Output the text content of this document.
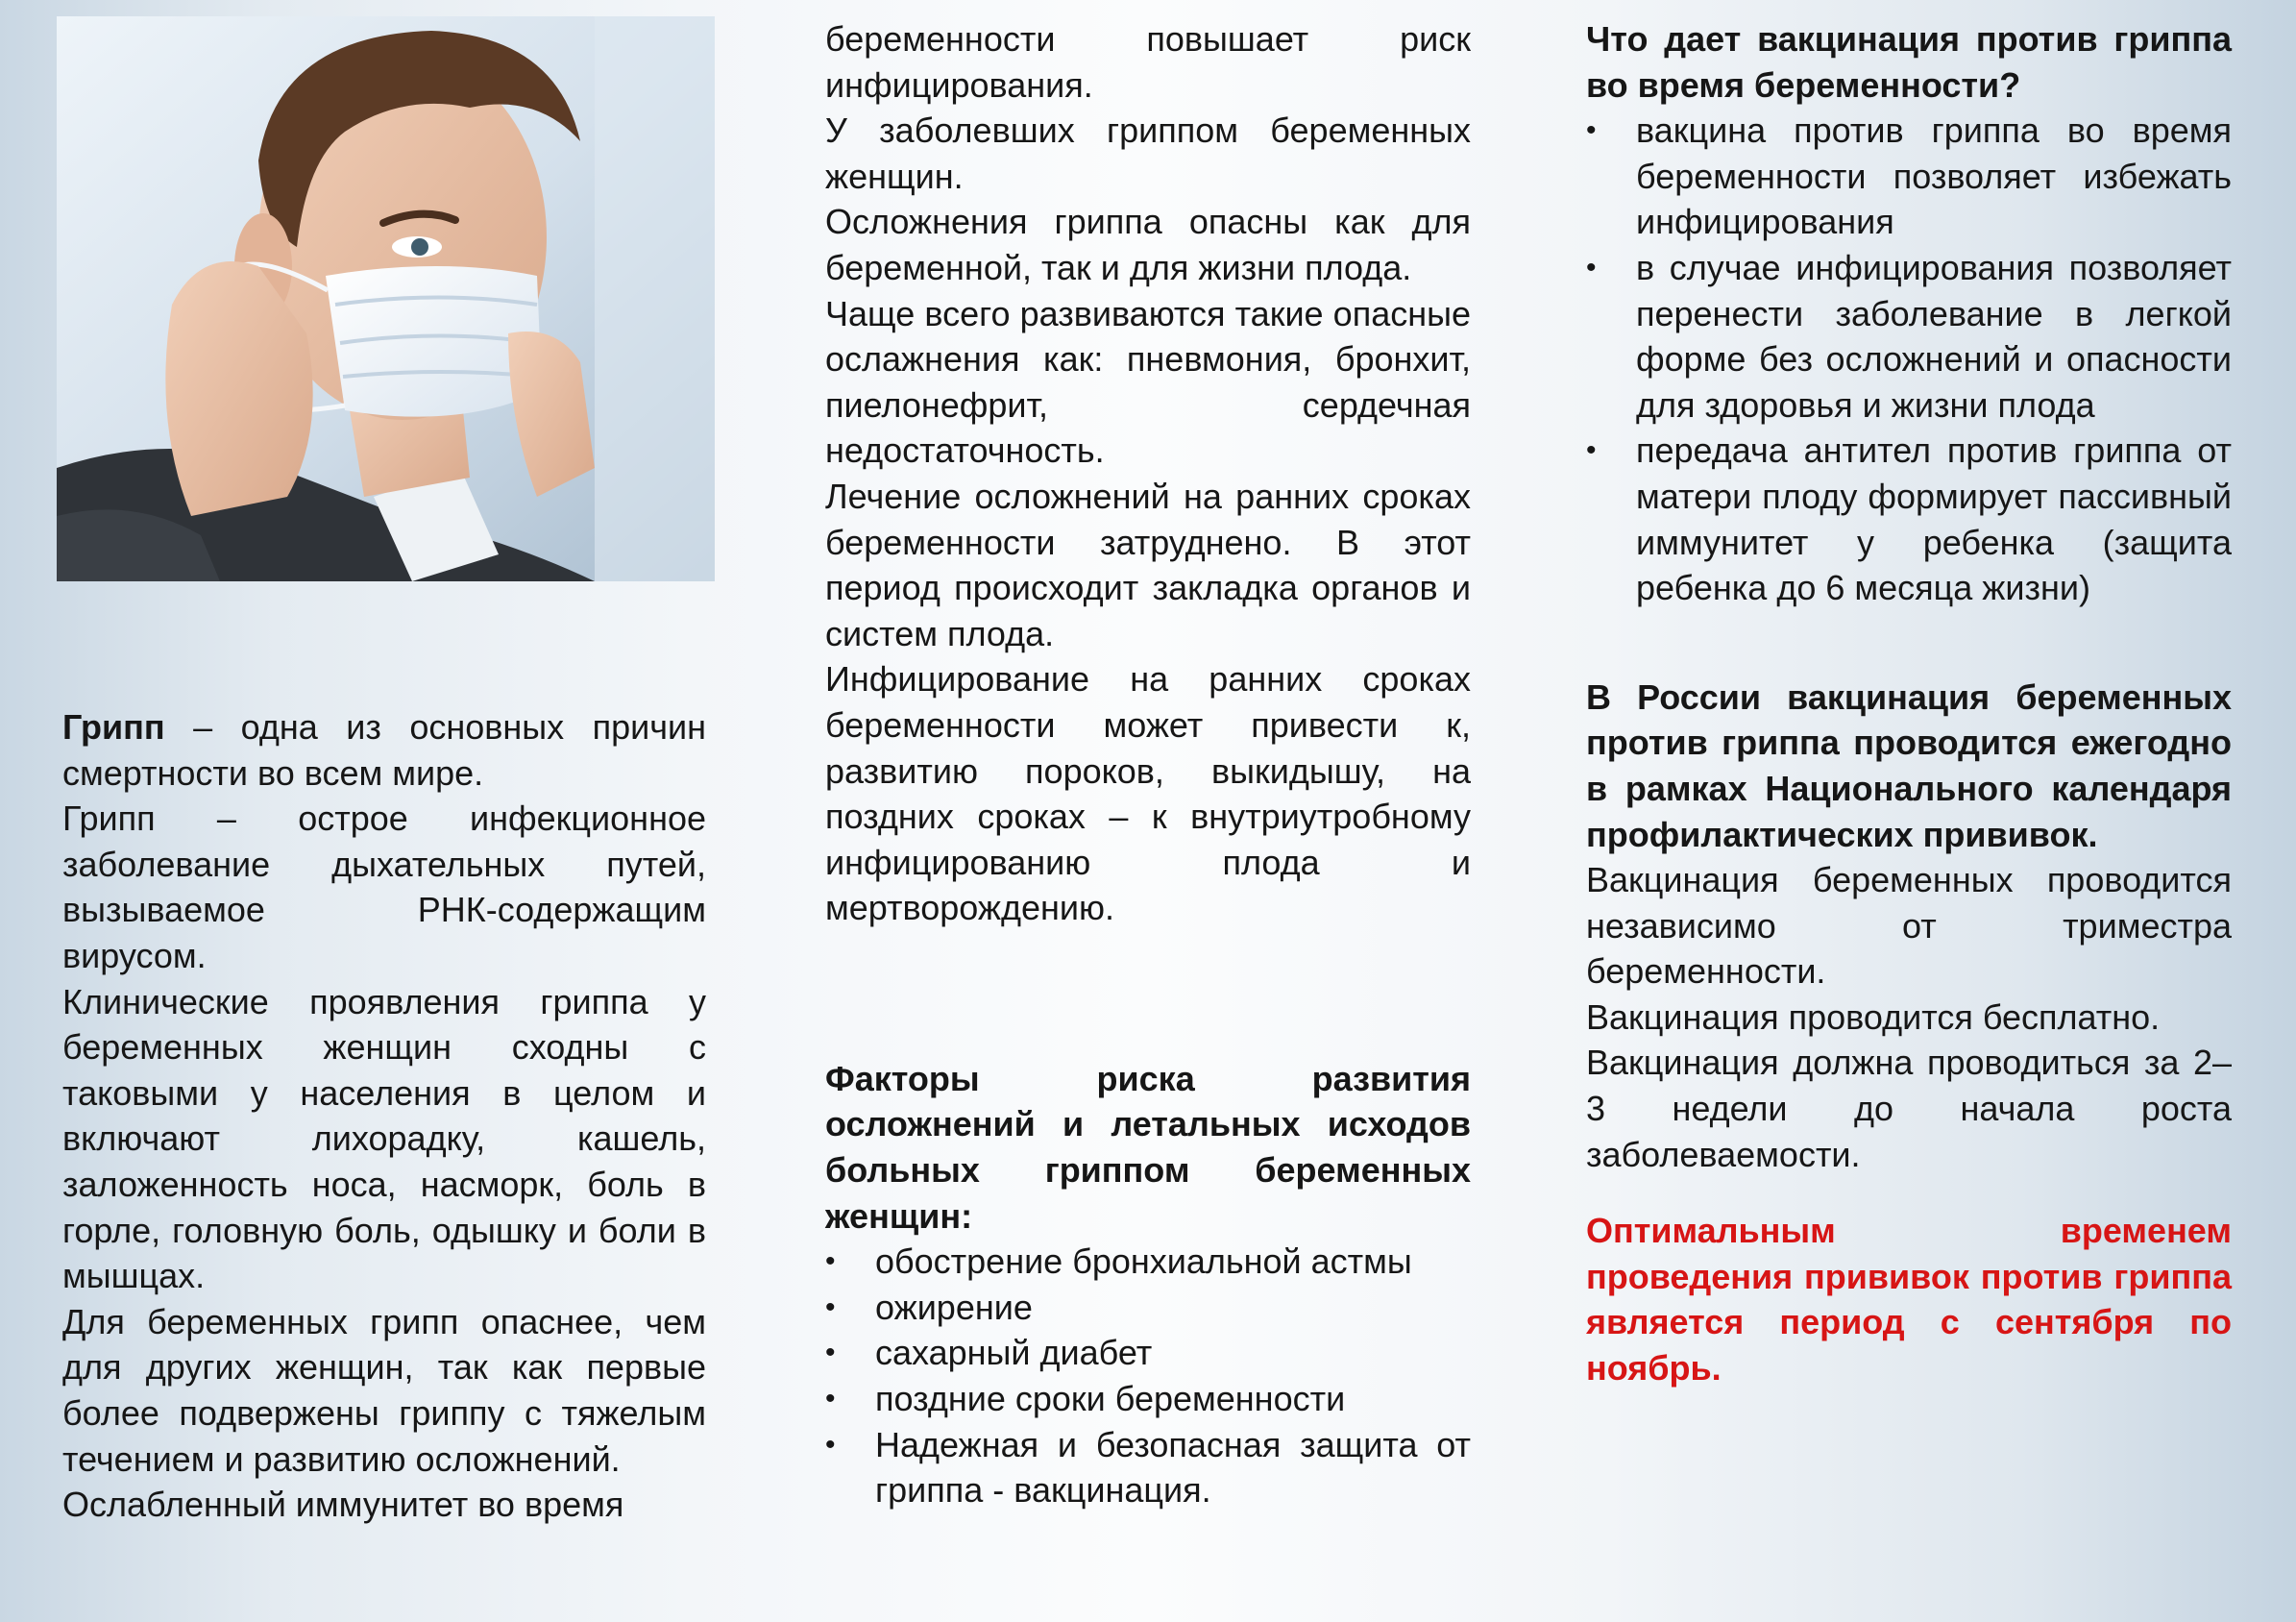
Грипп – одна из основных причин смертности во всем мире.

Грипп – острое инфекционное заболевание дыхательных путей, вызываемое РНК-содержащим вирусом.

Клинические проявления гриппа у беременных женщин сходны с таковыми у населения в целом и включают лихорадку, кашель, заложенность носа, насморк, боль в горле, головную боль, одышку и боли в мышцах.

Для беременных грипп опаснее, чем для других женщин, так как первые более подвержены гриппу с тяжелым течением и развитию осложнений.

Ослабленный иммунитет во время

беременности повышает риск инфицирования.

У заболевших гриппом беременных женщин.

Осложнения гриппа опасны как для беременной, так и для жизни плода.

Чаще всего развиваются такие опасные ослажнения как: пневмония, бронхит, пиелонефрит, сердечная недостаточность.

Лечение осложнений на ранних сроках беременности затруднено. В этот период происходит закладка органов и систем плода.

Инфицирование на ранних сроках беременности может привести к, развитию пороков, выкидышу, на поздних сроках – к внутриутробному инфицированию плода и мертворождению.

Факторы риска развития осложнений и летальных исходов больных гриппом беременных женщин:

• обострение бронхиальной астмы
• ожирение
• сахарный диабет
• поздние сроки беременности
• Надежная и безопасная защита от гриппа - вакцинация.

Что дает вакцинация против гриппа во время беременности?

• вакцина против гриппа во время беременности позволяет избежать инфицирования
• в случае инфицирования позволяет перенести заболевание в легкой форме без осложнений и опасности для здоровья и жизни плода
• передача антител против гриппа от матери плоду формирует пассивный иммунитет у ребенка (защита ребенка до 6 месяца жизни)

В России вакцинация беременных против гриппа проводится ежегодно в рамках Национального календаря профилактических прививок.

Вакцинация беременных проводится независимо от триместра беременности.

Вакцинация проводится бесплатно.

Вакцинация должна проводиться за 2–3 недели до начала роста заболеваемости.

Оптимальным временем проведения прививок против гриппа является период с сентября по ноябрь.
